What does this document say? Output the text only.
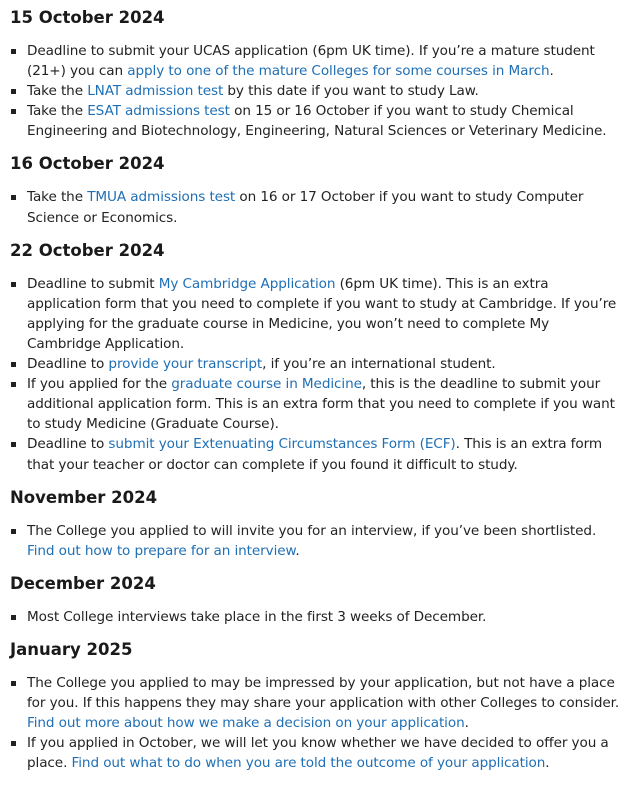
15 October 2024
Deadline to submit your UCAS application (6pm UK time). If you’re a mature student (21+) you can apply to one of the mature Colleges for some courses in March.
Take the LNAT admission test by this date if you want to study Law.
Take the ESAT admissions test on 15 or 16 October if you want to study Chemical Engineering and Biotechnology, Engineering, Natural Sciences or Veterinary Medicine.
16 October 2024
Take the TMUA admissions test on 16 or 17 October if you want to study Computer Science or Economics.
22 October 2024
Deadline to submit My Cambridge Application (6pm UK time). This is an extra application form that you need to complete if you want to study at Cambridge. If you’re applying for the graduate course in Medicine, you won’t need to complete My Cambridge Application.
Deadline to provide your transcript, if you’re an international student.
If you applied for the graduate course in Medicine, this is the deadline to submit your additional application form. This is an extra form that you need to complete if you want to study Medicine (Graduate Course).
Deadline to submit your Extenuating Circumstances Form (ECF). This is an extra form that your teacher or doctor can complete if you found it difficult to study.
November 2024
The College you applied to will invite you for an interview, if you’ve been shortlisted. Find out how to prepare for an interview.
December 2024
Most College interviews take place in the first 3 weeks of December.
January 2025
The College you applied to may be impressed by your application, but not have a place for you. If this happens they may share your application with other Colleges to consider. Find out more about how we make a decision on your application.
If you applied in October, we will let you know whether we have decided to offer you a place. Find out what to do when you are told the outcome of your application.
